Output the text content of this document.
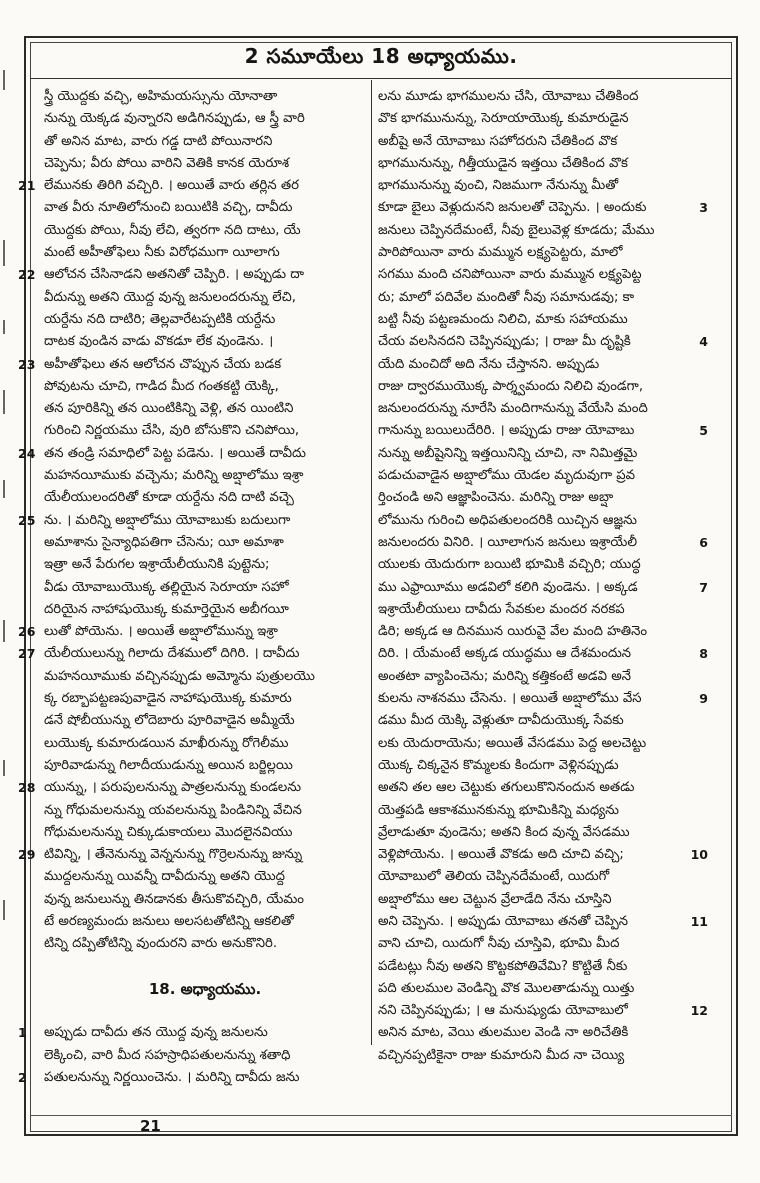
2 సమూయేలు 18 అధ్యాయము.
స్త్రీ యొద్దకు వచ్చి, అహిమయస్సును యోనాతా
నున్ను యెక్కడ వున్నారని అడిగినప్పుడు, ఆ స్త్రీ వారి
తో అనిన మాట, వారు గడ్డ దాటి పోయినారని
చెప్పెను; వీరు పోయి వారిని వెతికి కానక యెరూశ
21 లేమునకు తిరిగి వచ్చిరి. । అయితే వారు తర్లిన తర
వాత వీరు నూతిలోనుంచి బయిటికి వచ్చి, దావీదు
యొద్దకు పోయి, నీవు లేచి, త్వరగా నది దాటు, యే
మంటే అహీతోఫెలు నీకు విరోధముగా యీలాగు
22 ఆలోచన చేసినాడని అతనితో చెప్పిరి. । అప్పుడు దా
వీదున్ను అతని యొద్ద వున్న జనులందరున్ను లేచి,
యర్దేను నది దాటిరి; తెల్లవారేటప్పటికి యర్దేను
దాటక వుండిన వాడు వొకడూ లేక వుండెను. ।
23 అహీతోఫెలు తన ఆలోచన చొప్పున చేయ బడక
పోవుటను చూచి, గాడిద మీద గంతకట్టి యెక్కి,
తన పూరికిన్ని తన యింటికిన్ని వెళ్లి, తన యింటిని
గురించి నిర్ణయము చేసి, వురి బోసుకొని చనిపోయి,
24 తన తండ్రి సమాధిలో పెట్ట పడెను. । అయితే దావీదు
మహనయీముకు వచ్చెను; మరిన్ని అబ్షాలోము ఇశ్రా
యేలీయులందరితో కూడా యర్దేను నది దాటి వచ్చె
25 ను. । మరిన్ని అబ్షాలోము యోవాబుకు బదులుగా
అమాశాను సైన్యాధిపతిగా చేసెను; యీ అమాశా
ఇత్రా అనే పేరుగల ఇశ్రాయేలీయునికి పుట్టెను;
వీడు యోవాబుయొక్క తల్లియైన సెరూయా సహో
దరియైన నాహాషుయొక్క కుమార్తెయైన అబీగయీ
26 లుతో పోయెను. । అయితే అబ్షాలోమున్ను ఇశ్రా
27 యేలీయులున్ను గిలాదు దేశములో దిగిరి. । దావీదు
మహనయీముకు వచ్చినప్పుడు అమ్మోను పుత్రులయొ
క్క రబ్బాపట్టణపువాడైన నాహాషుయొక్క కుమారు
డనే షోబీయున్ను లోదెబారు పూరివాడైన అమ్మీయే
లుయొక్క కుమారుడయిన మాఖీరున్ను రోగెలీము
పూరివాడున్ను గిలాదీయుడున్ను అయిన బర్జిల్లయి
28 యున్ను, । పరుపులనున్ను పాత్రలనున్ను కుండలను
న్ను గోధుమలనున్ను యవలనున్ను పిండినిన్ని వేచిన
గోధుమలనున్ను చిక్కుడుకాయలు మొదలైనవియు
29 టివిన్ని, । తేనెనున్ను వెన్ననున్ను గొర్రెలనున్ను జున్ను
ముద్దలనున్ను యివన్నీ దావీదున్ను అతని యొద్ద
వున్న జనులున్ను తినడానకు తీసుకొవచ్చిరి, యేమం
టే అరణ్యమందు జనులు అలసటతోటిన్ని ఆకలితో
టిన్ని దప్పితోటిన్ని వుందురని వారు అనుకొనిరి.
18. అధ్యాయము.
1 అప్పుడు దావీదు తన యొద్ద వున్న జనులను
లెక్కించి, వారి మీద సహస్రాధిపతులనున్ను శతాధి
2 పతులనున్ను నిర్ణయించెను. । మరిన్ని దావీదు జను
లను మూడు భాగములను చేసి, యోవాబు చేతికింద
వొక భాగమునున్ను, సెరూయాయొక్క కుమారుడైన
అబీషై అనే యోవాబు సహోదరుని చేతికింద వొక
భాగమునున్ను, గిత్తీయుడైన ఇత్తయి చేతికింద వొక
భాగమునున్ను వుంచి, నిజముగా నేనున్ను మీతో
3
కూడా బైలు వెళ్లుదునని జనులతో చెప్పెను. । అందుకు
జనులు చెప్పినదేమంటే, నీవు బైలువెళ్ల కూడదు; మేము
పారిపోయినా వారు మమ్మున లక్ష్యపెట్టరు, మాలో
సగము మంది చనిపోయినా వారు మమ్మున లక్ష్యపెట్ట
రు; మాలో పదివేల మందితో నీవు సమానుడవు; కా
బట్టి నీవు పట్టణమందు నిలిచి, మాకు సహాయము
4
చేయ వలసినదని చెప్పినప్పుడు; । రాజు మీ దృష్టికి
యేది మంచిదో అది నేను చేస్తానని. అప్పుడు
రాజు ద్వారముయొక్క పార్శ్వమందు నిలిచి వుండగా,
జనులందరున్ను నూరేసి మందిగానున్ను వేయేసి మంది
5
గానున్ను బయిలుదేరిరి. । అప్పుడు రాజు యోవాబు
నున్ను అబీషైనిన్ని ఇత్తయినిన్ని చూచి, నా నిమిత్తమై
పడుచువాడైన అబ్షాలోము యెడల మృదువుగా ప్రవ
ర్తించండి అని ఆజ్ఞాపించెను. మరిన్ని రాజు అబ్షా
లోమును గురించి అధిపతులందరికి యిచ్చిన ఆజ్ఞను
6
జనులందరు వినిరి. । యీలాగున జనులు ఇశ్రాయేలీ
యులకు యెదురుగా బయిటి భూమికి వచ్చిరి; యుద్ధ
7
ము ఎఫ్రాయీము అడవిలో కలిగి వుండెను. । అక్కడ
ఇశ్రాయేలీయులు దావీదు సేవకుల మందర నరకప
డిరి; అక్కడ ఆ దినమున యిరువై వేల మంది హతినెం
8
దిరి. । యేమంటే అక్కడ యుద్ధము ఆ దేశమందున
అంతటా వ్యాపించెను; మరిన్ని కత్తికంటే అడవి అనే
9
కులను నాశనము చేసెను. । అయితే అబ్షాలోము వేస
డము మీద యెక్కి వెళ్లుతూ దావీదుయొక్క సేవకు
లకు యెదురాయెను; అయితే వేసడము పెద్ద అలచెట్టు
యొక్క చిక్కనైన కొమ్మలకు కిందుగా వెళ్లినప్పుడు
అతని తల ఆల చెట్టుకు తగులుకొనినందున అతడు
యెత్తపడి ఆకాశమునకున్ను భూమికిన్ని మధ్యను
వ్రేలాడుతూ వుండెను; అతని కింద వున్న వేసడము
10
వెళ్లిపోయెను. । అయితే వొకడు అది చూచి వచ్చి;
యోవాబులో తెలియ చెప్పినదేమంటే, యిదుగో
అబ్షాలోము ఆల చెట్టున వ్రేలాడేది నేను చూస్తిని
11
అని చెప్పెను. । అప్పుడు యోవాబు తనతో చెప్పిన
వాని చూచి, యిదుగో నీవు చూస్తివి, భూమి మీద
పడేటట్లు నీవు అతని కొట్టకపోతివేమి? కొట్టితే నీకు
పది తులముల వెండిన్ని వొక మొలతాడున్ను యిత్తు
12
నని చెప్పినప్పుడు; । ఆ మనుష్యుడు యోవాబులో
అనిన మాట, వెయి తులముల వెండి నా అరిచేతికి
వచ్చినప్పటికైనా రాజు కుమారుని మీద నా చెయ్యి
21
